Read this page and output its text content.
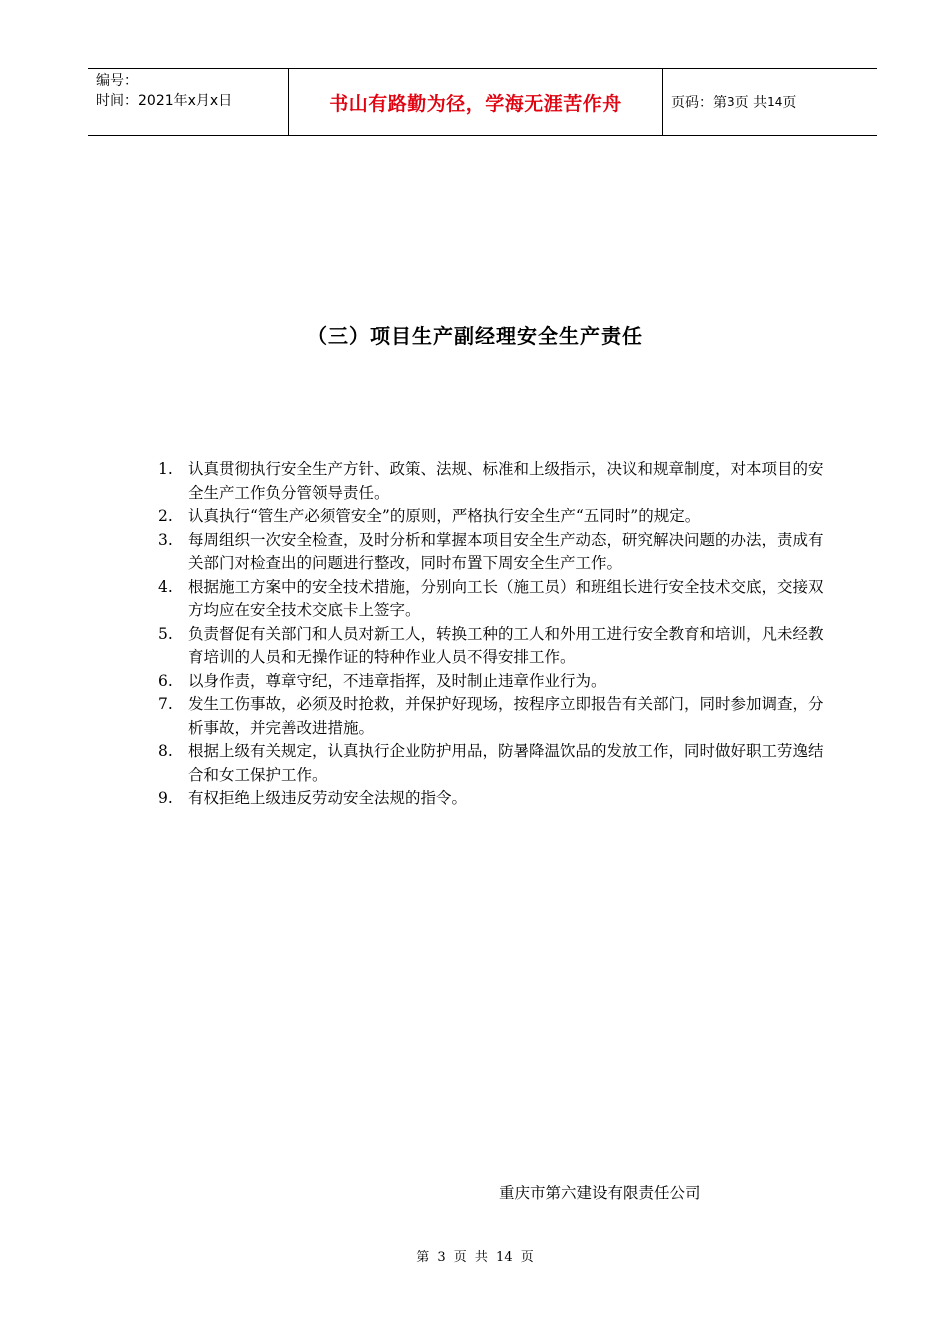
编号：
时间：2021年x月x日	书山有路勤为径，学海无涯苦作舟	页码：第 3 页 共 14 页
（三）项目生产副经理安全生产责任
1. 认真贯彻执行安全生产方针、政策、法规、标准和上级指示，决议和规章制度，对本项目的安全生产工作负分管领导责任。
2. 认真执行“管生产必须管安全”的原则，严格执行安全生产“五同时”的规定。
3. 每周组织一次安全检查，及时分析和掌握本项目安全生产动态，研究解决问题的办法，责成有关部门对检查出的问题进行整改，同时布置下周安全生产工作。
4. 根据施工方案中的安全技术措施，分别向工长（施工员）和班组长进行安全技术交底，交接双方均应在安全技术交底卡上签字。
5. 负责督促有关部门和人员对新工人，转换工种的工人和外用工进行安全教育和培训，凡未经教育培训的人员和无操作证的特种作业人员不得安排工作。
6. 以身作责，尊章守纪，不违章指挥，及时制止违章作业行为。
7. 发生工伤事故，必须及时抢救，并保护好现场，按程序立即报告有关部门，同时参加调查，分析事故，并完善改进措施。
8. 根据上级有关规定，认真执行企业防护用品，防暑降温饮品的发放工作，同时做好职工劳逸结合和女工保护工作。
9. 有权拒绝上级违反劳动安全法规的指令。
重庆市第六建设有限责任公司
第 3 页 共 14 页
